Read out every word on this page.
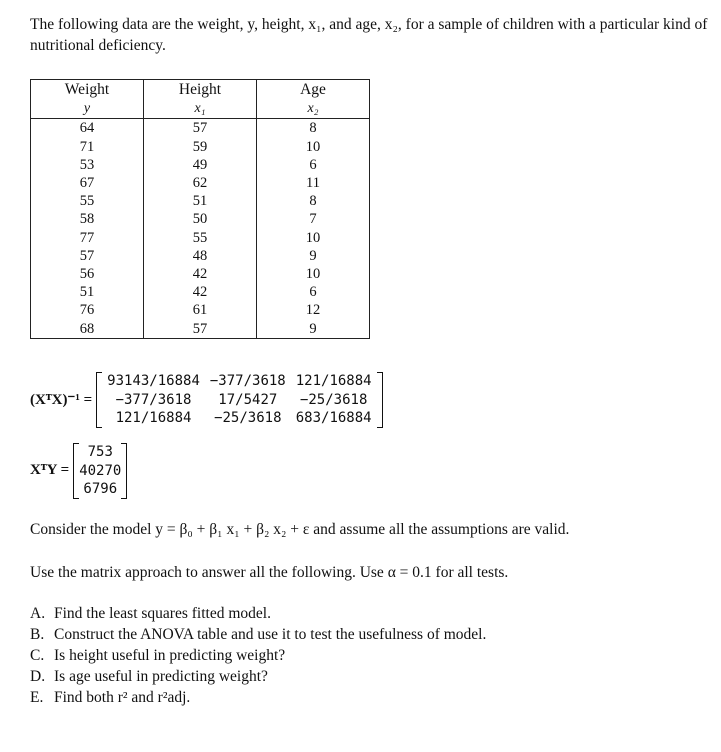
The following data are the weight, y, height, x₁, and age, x₂, for a sample of children with a particular kind of nutritional deficiency.
Weight	Height	Age
y	x₁	x₂
64	57	8
71	59	10
53	49	6
67	62	11
55	51	8
58	50	7
77	55	10
57	48	9
56	42	10
51	42	6
76	61	12
68	57	9
(XᵀX)⁻¹ =
93143/16884	−377/3618	121/16884
−377/3618	17/5427	−25/3618
121/16884	−25/3618	683/16884
XᵀY =
753
40270
6796
Consider the model y = β₀ + β₁ x₁ + β₂ x₂ + ε and assume all the assumptions are valid.
Use the matrix approach to answer all the following. Use α = 0.1 for all tests.
A. Find the least squares fitted model.
B. Construct the ANOVA table and use it to test the usefulness of model.
C. Is height useful in predicting weight?
D. Is age useful in predicting weight?
E. Find both r² and r²adj.
